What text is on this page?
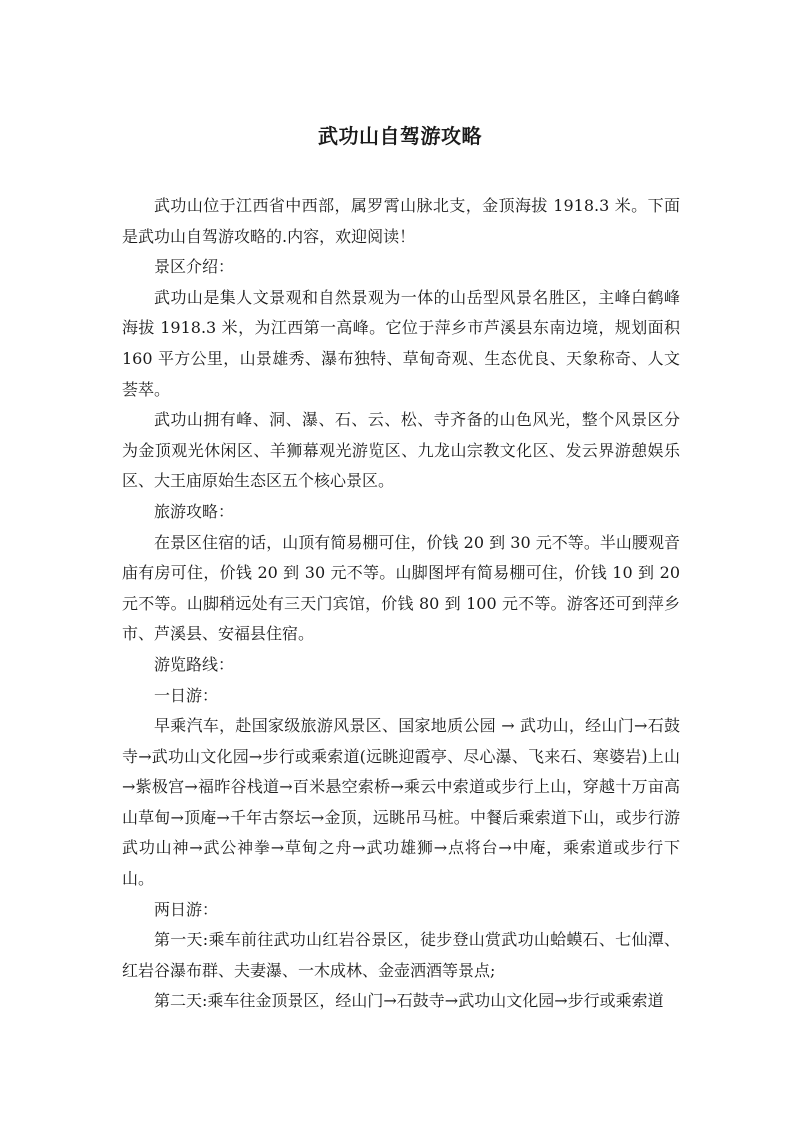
武功山自驾游攻略

武功山位于江西省中西部，属罗霄山脉北支，金顶海拔 1918.3 米。下面是武功山自驾游攻略的.内容，欢迎阅读！

景区介绍：

武功山是集人文景观和自然景观为一体的山岳型风景名胜区，主峰白鹤峰海拔 1918.3 米，为江西第一高峰。它位于萍乡市芦溪县东南边境，规划面积 160 平方公里，山景雄秀、瀑布独特、草甸奇观、生态优良、天象称奇、人文荟萃。

武功山拥有峰、洞、瀑、石、云、松、寺齐备的山色风光，整个风景区分为金顶观光休闲区、羊狮幕观光游览区、九龙山宗教文化区、发云界游憩娱乐区、大王庙原始生态区五个核心景区。

旅游攻略：

在景区住宿的话，山顶有简易棚可住，价钱 20 到 30 元不等。半山腰观音庙有房可住，价钱 20 到 30 元不等。山脚图坪有简易棚可住，价钱 10 到 20 元不等。山脚稍远处有三天门宾馆，价钱 80 到 100 元不等。游客还可到萍乡市、芦溪县、安福县住宿。

游览路线：

一日游：

早乘汽车，赴国家级旅游风景区、国家地质公园 → 武功山，经山门→石鼓寺→武功山文化园→步行或乘索道(远眺迎霞亭、尽心瀑、飞来石、寒婆岩)上山→紫极宫→福昨谷栈道→百米悬空索桥→乘云中索道或步行上山，穿越十万亩高山草甸→顶庵→千年古祭坛→金顶，远眺吊马桩。中餐后乘索道下山，或步行游武功山神→武公神拳→草甸之舟→武功雄狮→点将台→中庵，乘索道或步行下山。

两日游：

第一天:乘车前往武功山红岩谷景区，徒步登山赏武功山蛤蟆石、七仙潭、红岩谷瀑布群、夫妻瀑、一木成林、金壶洒酒等景点;

第二天:乘车往金顶景区，经山门→石鼓寺→武功山文化园→步行或乘索道
